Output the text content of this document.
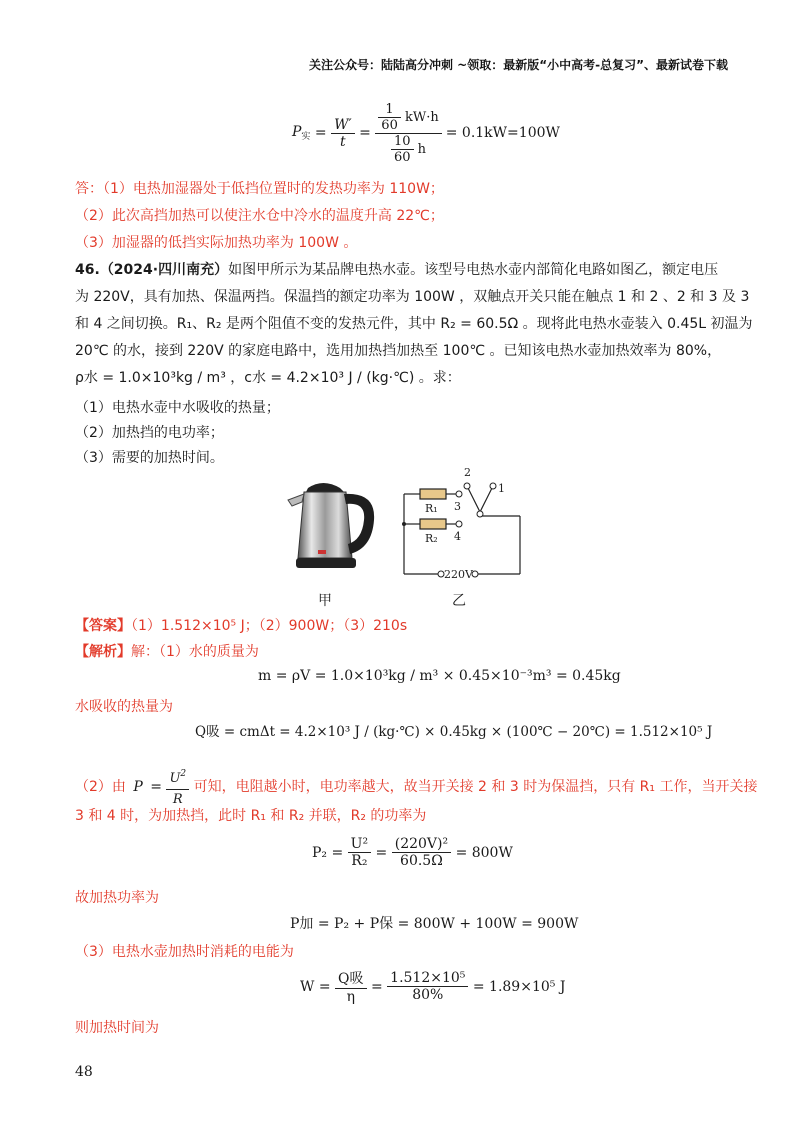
关注公众号：陆陆高分冲刺 ~领取：最新版“小中高考-总复习”、最新试卷下载
$P_实 = \frac{W'}{t} = \frac{\frac{1}{60} kW\cdot h}{\frac{10}{60} h} = 0.1kW=100W$
答：（1）电热加湿器处于低挡位置时的发热功率为 110W；
（2）此次高挡加热可以使注水仓中冷水的温度升高 22℃；
（3）加湿器的低挡实际加热功率为 100W 。
46.（2024·四川南充）如图甲所示为某品牌电热水壶。该型号电热水壶内部简化电路如图乙，额定电压
为 220V，具有加热、保温两挡。保温挡的额定功率为 100W ，双触点开关只能在触点 1 和 2 、2 和 3 及 3
和 4 之间切换。R₁、R₂ 是两个阻值不变的发热元件，其中 R₂ = 60.5Ω 。现将此电热水壶装入 0.45L 初温为
20℃ 的水，接到 220V 的家庭电路中，选用加热挡加热至 100℃ 。已知该电热水壶加热效率为 80%，
ρ水 = 1.0×10³kg / m³ ，c水 = 4.2×10³ J / (kg·℃) 。求：
（1）电热水壶中水吸收的热量；
（2）加热挡的电功率；
（3）需要的加热时间。
甲
R₁
R₂
2
1
3
4
220V
乙
【答案】（1）1.512×10⁵ J；（2）900W；（3）210s
【解析】解：（1）水的质量为
m = ρV = 1.0×10³kg / m³ × 0.45×10⁻³m³ = 0.45kg
水吸收的热量为
Q吸 = cmΔt = 4.2×10³ J / (kg·℃) × 0.45kg × (100℃ − 20℃) = 1.512×10⁵ J
（2）由 $P = \frac{U^2}{R}$ 可知，电阻越小时，电功率越大，故当开关接 2 和 3 时为保温挡，只有 R₁ 工作，当开关接
3 和 4 时，为加热挡，此时 R₁ 和 R₂ 并联，R₂ 的功率为
P₂ =
$\frac{\text{U²}}{\text{R₂}} = \frac{\text{(220V)²}}{60.5\Omega}$
= 800W
故加热功率为
P加 = P₂ + P保 = 800W + 100W = 900W
（3）电热水壶加热时消耗的电能为
W =
$\frac{\text{Q吸}}{\eta} = \frac{\text{1.512×10⁵}}{80\%}$
= 1.89×10⁵ J
则加热时间为
48
